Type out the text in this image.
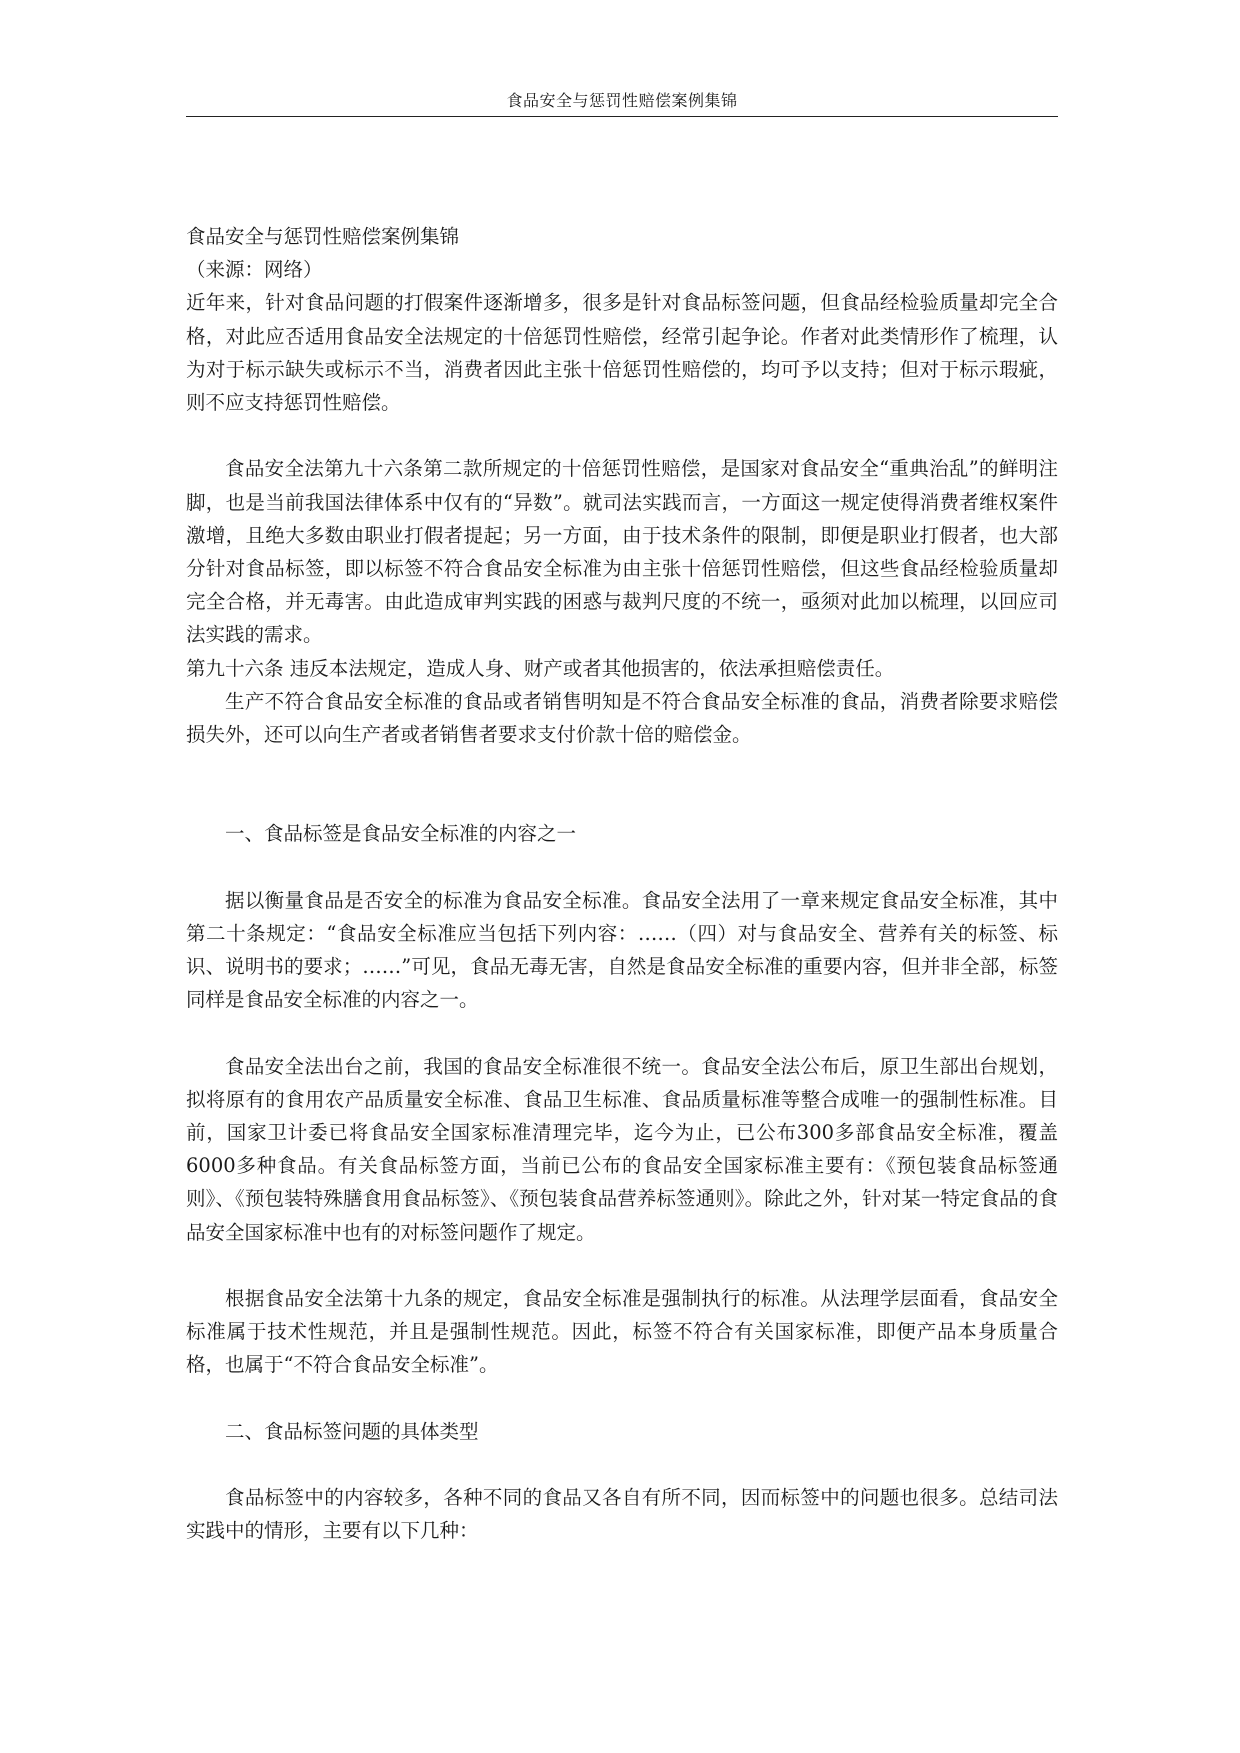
食品安全与惩罚性赔偿案例集锦

食品安全与惩罚性赔偿案例集锦

（来源：网络）

近年来，针对食品问题的打假案件逐渐增多，很多是针对食品标签问题，但食品经检验质量却完全合格，对此应否适用食品安全法规定的十倍惩罚性赔偿，经常引起争论。作者对此类情形作了梳理，认为对于标示缺失或标示不当，消费者因此主张十倍惩罚性赔偿的，均可予以支持；但对于标示瑕疵，则不应支持惩罚性赔偿。

食品安全法第九十六条第二款所规定的十倍惩罚性赔偿，是国家对食品安全“重典治乱”的鲜明注脚，也是当前我国法律体系中仅有的“异数”。就司法实践而言，一方面这一规定使得消费者维权案件激增，且绝大多数由职业打假者提起；另一方面，由于技术条件的限制，即便是职业打假者，也大部分针对食品标签，即以标签不符合食品安全标准为由主张十倍惩罚性赔偿，但这些食品经检验质量却完全合格，并无毒害。由此造成审判实践的困惑与裁判尺度的不统一，亟须对此加以梳理，以回应司法实践的需求。

第九十六条 违反本法规定，造成人身、财产或者其他损害的，依法承担赔偿责任。

生产不符合食品安全标准的食品或者销售明知是不符合食品安全标准的食品，消费者除要求赔偿损失外，还可以向生产者或者销售者要求支付价款十倍的赔偿金。

一、食品标签是食品安全标准的内容之一

据以衡量食品是否安全的标准为食品安全标准。食品安全法用了一章来规定食品安全标准，其中第二十条规定：“食品安全标准应当包括下列内容：……（四）对与食品安全、营养有关的标签、标识、说明书的要求；……”可见，食品无毒无害，自然是食品安全标准的重要内容，但并非全部，标签同样是食品安全标准的内容之一。

食品安全法出台之前，我国的食品安全标准很不统一。食品安全法公布后，原卫生部出台规划，拟将原有的食用农产品质量安全标准、食品卫生标准、食品质量标准等整合成唯一的强制性标准。目前，国家卫计委已将食品安全国家标准清理完毕，迄今为止，已公布300多部食品安全标准，覆盖6000多种食品。有关食品标签方面，当前已公布的食品安全国家标准主要有：《预包装食品标签通则》、《预包装特殊膳食用食品标签》、《预包装食品营养标签通则》。除此之外，针对某一特定食品的食品安全国家标准中也有的对标签问题作了规定。

根据食品安全法第十九条的规定，食品安全标准是强制执行的标准。从法理学层面看，食品安全标准属于技术性规范，并且是强制性规范。因此，标签不符合有关国家标准，即便产品本身质量合格，也属于“不符合食品安全标准”。

二、食品标签问题的具体类型

食品标签中的内容较多，各种不同的食品又各自有所不同，因而标签中的问题也很多。总结司法实践中的情形，主要有以下几种：
